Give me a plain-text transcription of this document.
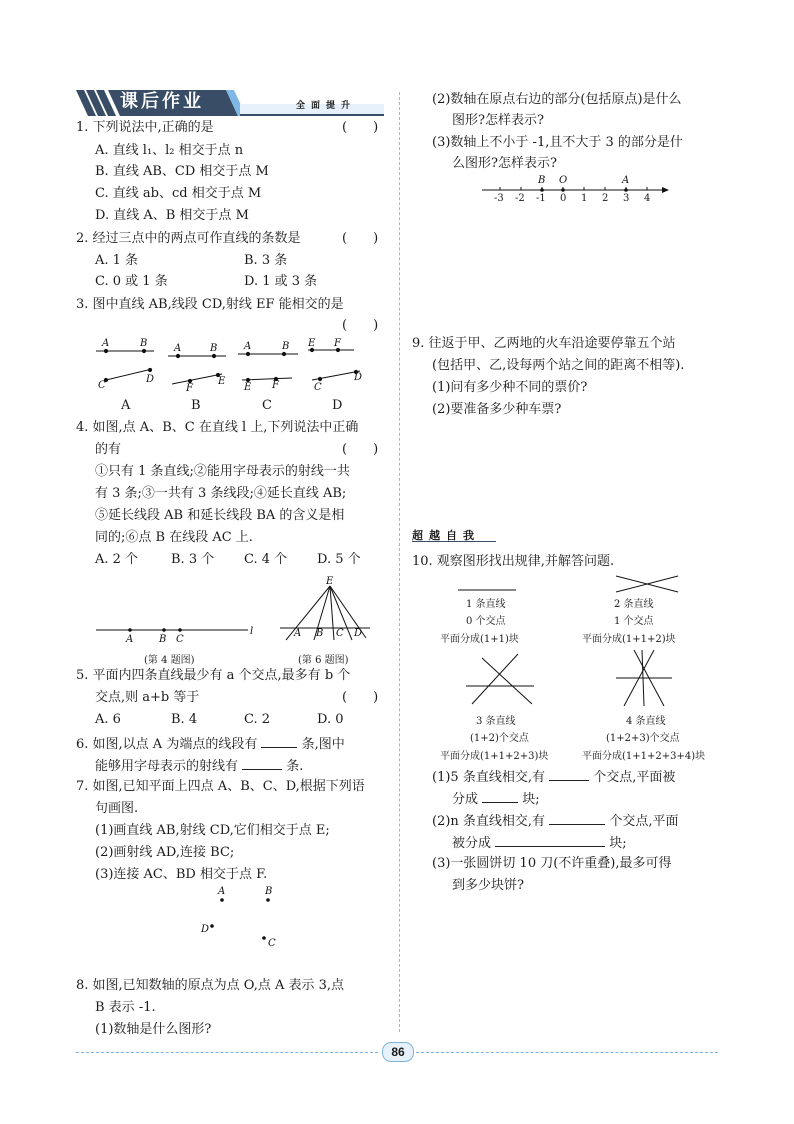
课后作业	全面提升
1. 下列说法中,正确的是	(　　)
A. 直线 l₁、l₂ 相交于点 n
B. 直线 AB、CD 相交于点 M
C. 直线 ab、cd 相交于点 M
D. 直线 A、B 相交于点 M
2. 经过三点中的两点可作直线的条数是	(　　)
A. 1 条	B. 3 条
C. 0 或 1 条	D. 1 或 3 条
3. 图中直线 AB,线段 CD,射线 EF 能相交的是
(　　)
A	B
C
D
A	B
F
E
A	B
E F
E F
C
D
A	B	C	D
4. 如图,点 A、B、C 在直线 l 上,下列说法中正确
的有	(　　)
①只有 1 条直线;②能用字母表示的射线一共
有 3 条;③一共有 3 条线段;④延长直线 AB;
⑤延长线段 AB 和延长线段 BA 的含义是相
同的;⑥点 B 在线段 AC 上.
A. 2 个	B. 3 个 C. 4 个 D. 5 个
A	B C
l
(第 4 题图)
E
A B C D
(第 6 题图)
5. 平面内四条直线最少有 a 个交点,最多有 b 个
交点,则 a+b 等于	(　　)
A. 6	B. 4	C. 2	D. 0
6. 如图,以点 A 为端点的线段有	条,图中
能够用字母表示的射线有	条.
7. 如图,已知平面上四点 A、B、C、D,根据下列语
句画图.
(1)画直线 AB,射线 CD,它们相交于点 E;
(2)画射线 AD,连接 BC;
(3)连接 AC、BD 相交于点 F.
A	B
D
C
8. 如图,已知数轴的原点为点 O,点 A 表示 3,点
B 表示 -1.
(1)数轴是什么图形?
(2)数轴在原点右边的部分(包括原点)是什么
图形?怎样表示?
(3)数轴上不小于 -1,且不大于 3 的部分是什
么图形?怎样表示?
B O	A
-3 -2 -1 0 1 2 3 4
9. 往返于甲、乙两地的火车沿途要停靠五个站
(包括甲、乙,设每两个站之间的距离不相等).
(1)问有多少种不同的票价?
(2)要准备多少种车票?
超越自我
10. 观察图形找出规律,并解答问题.
1 条直线
0 个交点
平面分成(1+1)块
2 条直线
1 个交点
平面分成(1+1+2)块
3 条直线
(1+2)个交点
平面分成(1+1+2+3)块
4 条直线
(1+2+3)个交点
平面分成(1+1+2+3+4)块
(1)5 条直线相交,有	个交点,平面被
分成	块;
(2)n 条直线相交,有	个交点,平面
被分成	块;
(3)一张圆饼切 10 刀(不许重叠),最多可得
到多少块饼?
86
